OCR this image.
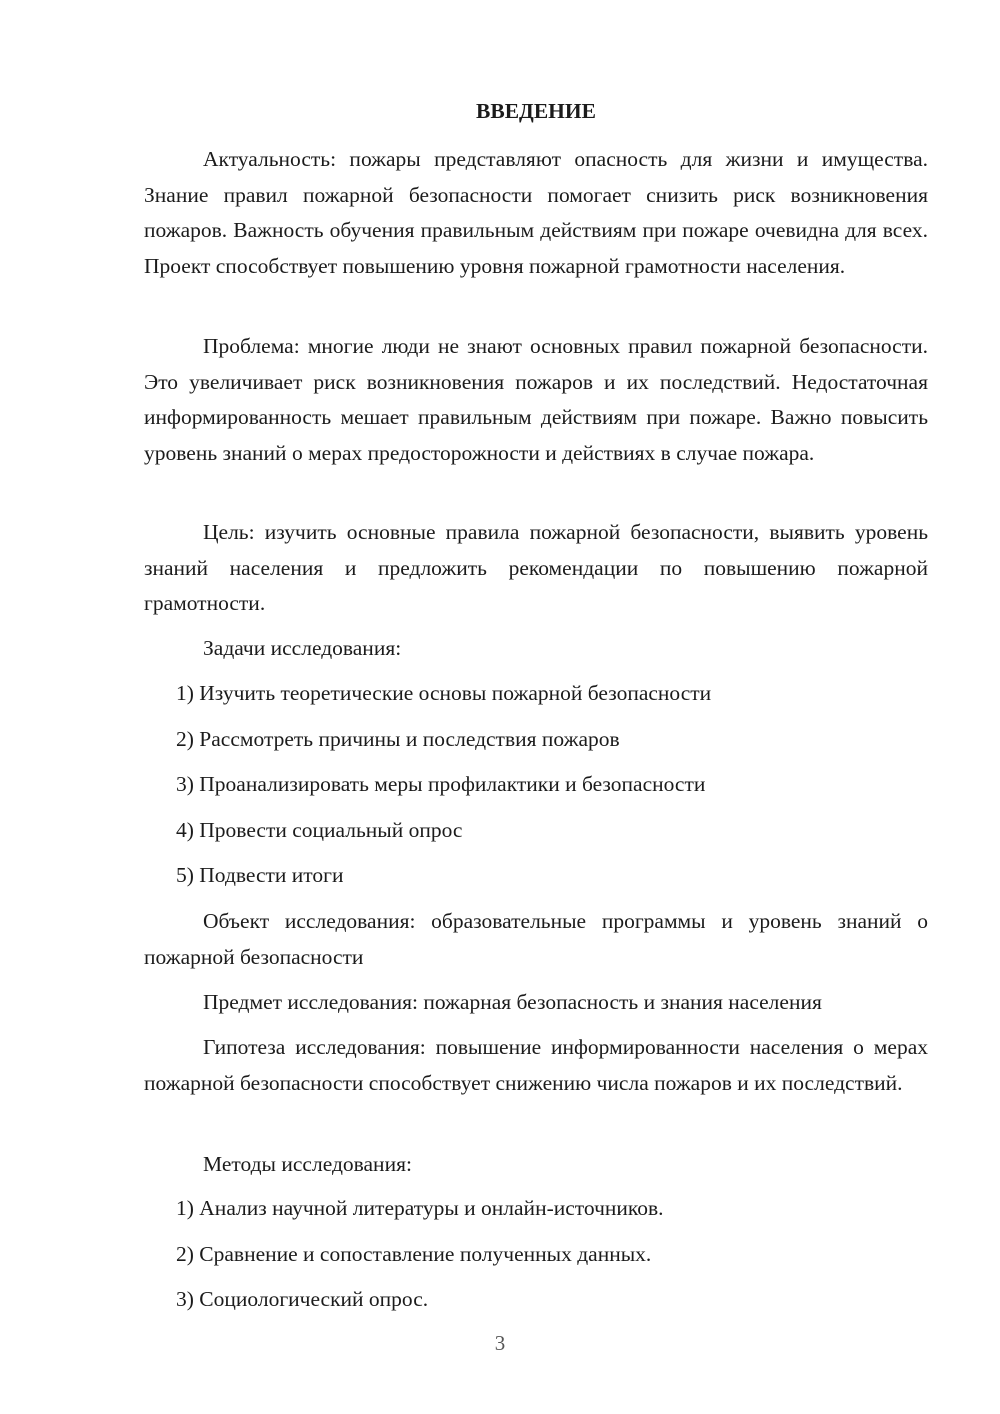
ВВЕДЕНИЕ
Актуальность: пожары представляют опасность для жизни и имущества. Знание правил пожарной безопасности помогает снизить риск возникновения пожаров. Важность обучения правильным действиям при пожаре очевидна для всех. Проект способствует повышению уровня пожарной грамотности населения.
Проблема: многие люди не знают основных правил пожарной безопасности. Это увеличивает риск возникновения пожаров и их последствий. Недостаточная информированность мешает правильным действиям при пожаре. Важно повысить уровень знаний о мерах предосторожности и действиях в случае пожара.
Цель: изучить основные правила пожарной безопасности, выявить уровень знаний населения и предложить рекомендации по повышению пожарной грамотности.
Задачи исследования:
1) Изучить теоретические основы пожарной безопасности
2) Рассмотреть причины и последствия пожаров
3) Проанализировать меры профилактики и безопасности
4) Провести социальный опрос
5) Подвести итоги
Объект исследования: образовательные программы и уровень знаний о пожарной безопасности
Предмет исследования: пожарная безопасность и знания населения
Гипотеза исследования: повышение информированности населения о мерах пожарной безопасности способствует снижению числа пожаров и их последствий.
Методы исследования:
1) Анализ научной литературы и онлайн-источников.
2) Сравнение и сопоставление полученных данных.
3) Социологический опрос.
3
